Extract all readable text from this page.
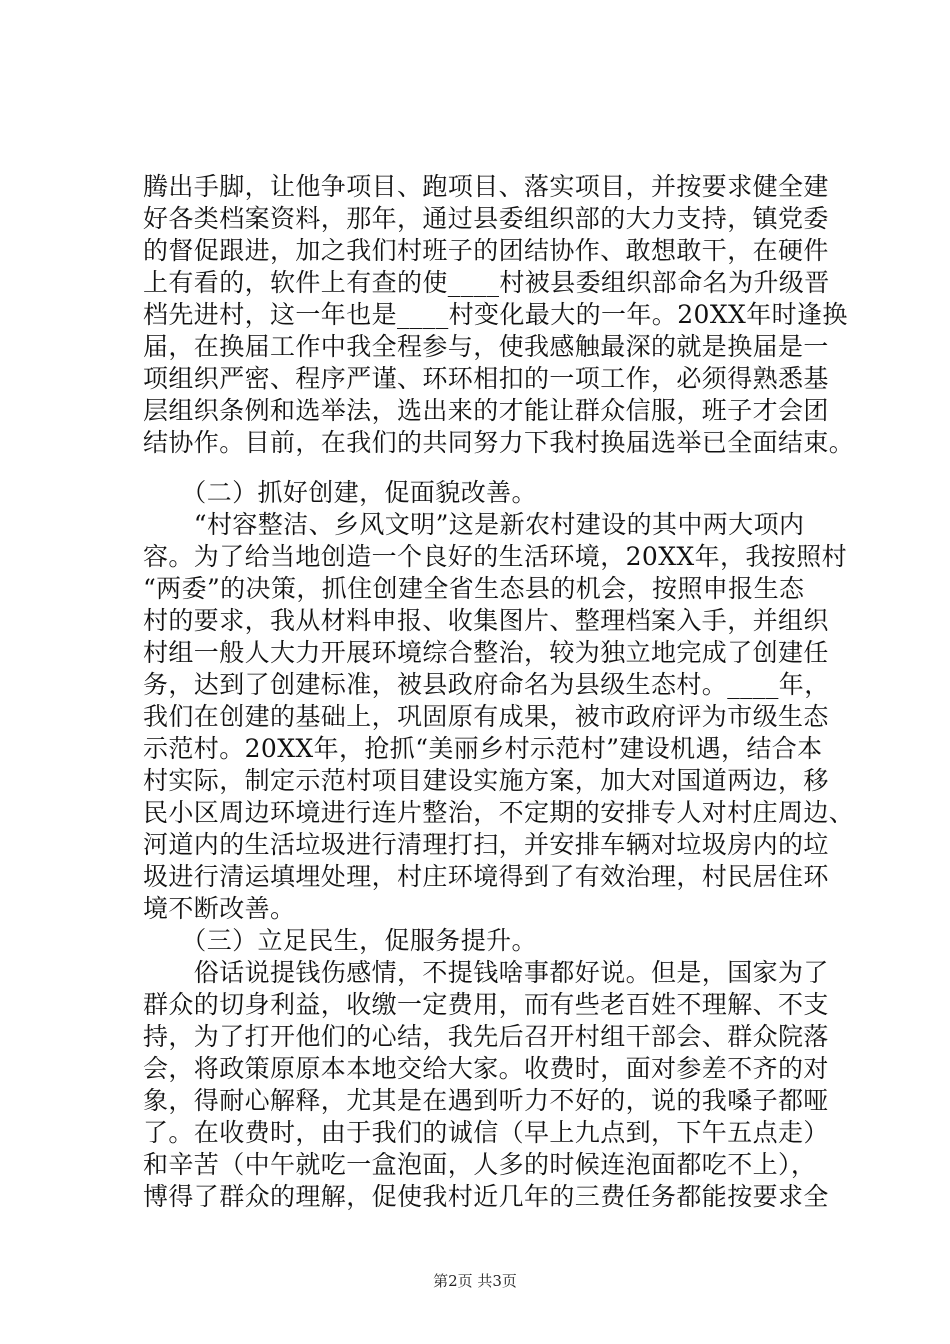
腾出手脚，让他争项目、跑项目、落实项目，并按要求健全建
好各类档案资料，那年，通过县委组织部的大力支持，镇党委
的督促跟进，加之我们村班子的团结协作、敢想敢干，在硬件
上有看的，软件上有查的使____村被县委组织部命名为升级晋
档先进村，这一年也是____村变化最大的一年。20XX年时逢换
届，在换届工作中我全程参与，使我感触最深的就是换届是一
项组织严密、程序严谨、环环相扣的一项工作，必须得熟悉基
层组织条例和选举法，选出来的才能让群众信服，班子才会团
结协作。目前，在我们的共同努力下我村换届选举已全面结束。
　　（二）抓好创建，促面貌改善。
　　“村容整洁、乡风文明”这是新农村建设的其中两大项内
容。为了给当地创造一个良好的生活环境，20XX年，我按照村
“两委”的决策，抓住创建全省生态县的机会，按照申报生态
村的要求，我从材料申报、收集图片、整理档案入手，并组织
村组一般人大力开展环境综合整治，较为独立地完成了创建任
务，达到了创建标准，被县政府命名为县级生态村。____年，
我们在创建的基础上，巩固原有成果，被市政府评为市级生态
示范村。20XX年，抢抓“美丽乡村示范村”建设机遇，结合本
村实际，制定示范村项目建设实施方案，加大对国道两边，移
民小区周边环境进行连片整治，不定期的安排专人对村庄周边、
河道内的生活垃圾进行清理打扫，并安排车辆对垃圾房内的垃
圾进行清运填埋处理，村庄环境得到了有效治理，村民居住环
境不断改善。
　　（三）立足民生，促服务提升。
　　俗话说提钱伤感情，不提钱啥事都好说。但是，国家为了
群众的切身利益，收缴一定费用，而有些老百姓不理解、不支
持，为了打开他们的心结，我先后召开村组干部会、群众院落
会，将政策原原本本地交给大家。收费时，面对参差不齐的对
象，得耐心解释，尤其是在遇到听力不好的，说的我嗓子都哑
了。在收费时，由于我们的诚信（早上九点到，下午五点走）
和辛苦（中午就吃一盒泡面，人多的时候连泡面都吃不上），
博得了群众的理解，促使我村近几年的三费任务都能按要求全
第2页 共3页
